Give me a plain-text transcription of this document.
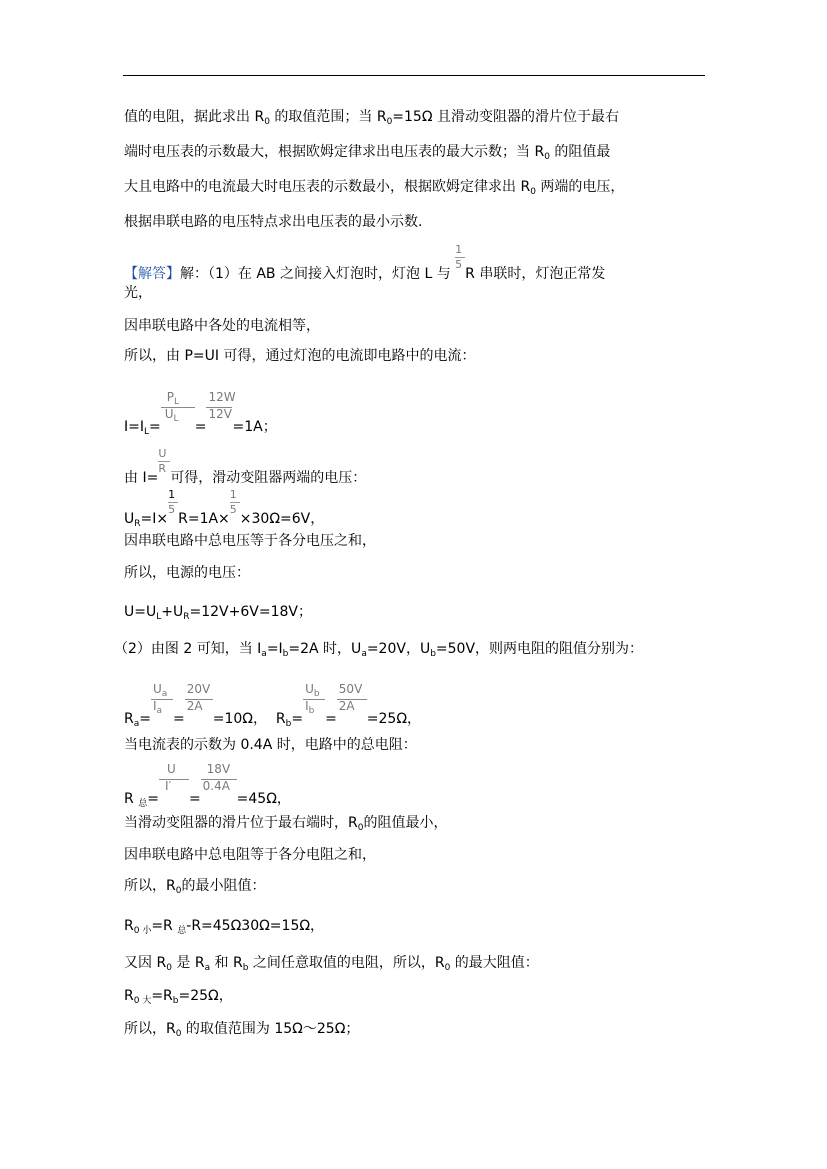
值的电阻，据此求出 $R_0$ 的取值范围；当 $R_0=15\Omega$ 且滑动变阻器的滑片位于最右
端时电压表的示数最大，根据欧姆定律求出电压表的最大示数；当 $R_0$ 的阻值最
大且电路中的电流最大时电压表的示数最小，根据欧姆定律求出 $R_0$ 两端的电压，
根据串联电路的电压特点求出电压表的最小示数.
【解答】解：（1）在 AB 之间接入灯泡时，灯泡 L 与 $\frac{1}{5}$ R 串联时，灯泡正常发
光，
因串联电路中各处的电流相等，
所以，由 P=UI 可得，通过灯泡的电流即电路中的电流：
$I=I_L= \frac{P_L}{U_L} = \frac{12W}{12V} =1A$；
由 $I= \frac{U}{R}$ 可得，滑动变阻器两端的电压：
$U_R=I\times \frac{1}{5} R=1A\times \frac{1}{5} \times 30\Omega=6V$，
因串联电路中总电压等于各分电压之和，
所以，电源的电压：
$U=U_L+U_R=12V+6V=18V$；
（2）由图 2 可知，当 $I_a=I_b=2A$ 时，$U_a=20V$，$U_b=50V$，则两电阻的阻值分别为：
$R_a= \frac{U_a}{I_a} = \frac{20V}{2A} =10\Omega$，  $R_b= \frac{U_b}{I_b} = \frac{50V}{2A} =25\Omega$，
当电流表的示数为 0.4A 时，电路中的总电阻：
R $_总= \frac{U}{I'} = \frac{18V}{0.4A} =45\Omega$，
当滑动变阻器的滑片位于最右端时，$R_0$的阻值最小，
因串联电路中总电阻等于各分电阻之和，
所以，$R_0$的最小阻值：
$R_{0 小}=R$ $_总$-R=45Ω30Ω=15Ω，
又因 $R_0$ 是 $R_a$ 和 $R_b$ 之间任意取值的电阻，所以，$R_0$ 的最大阻值：
$R_{0 大}=R_b=25\Omega$，
所以，$R_0$ 的取值范围为 15Ω～25Ω；
